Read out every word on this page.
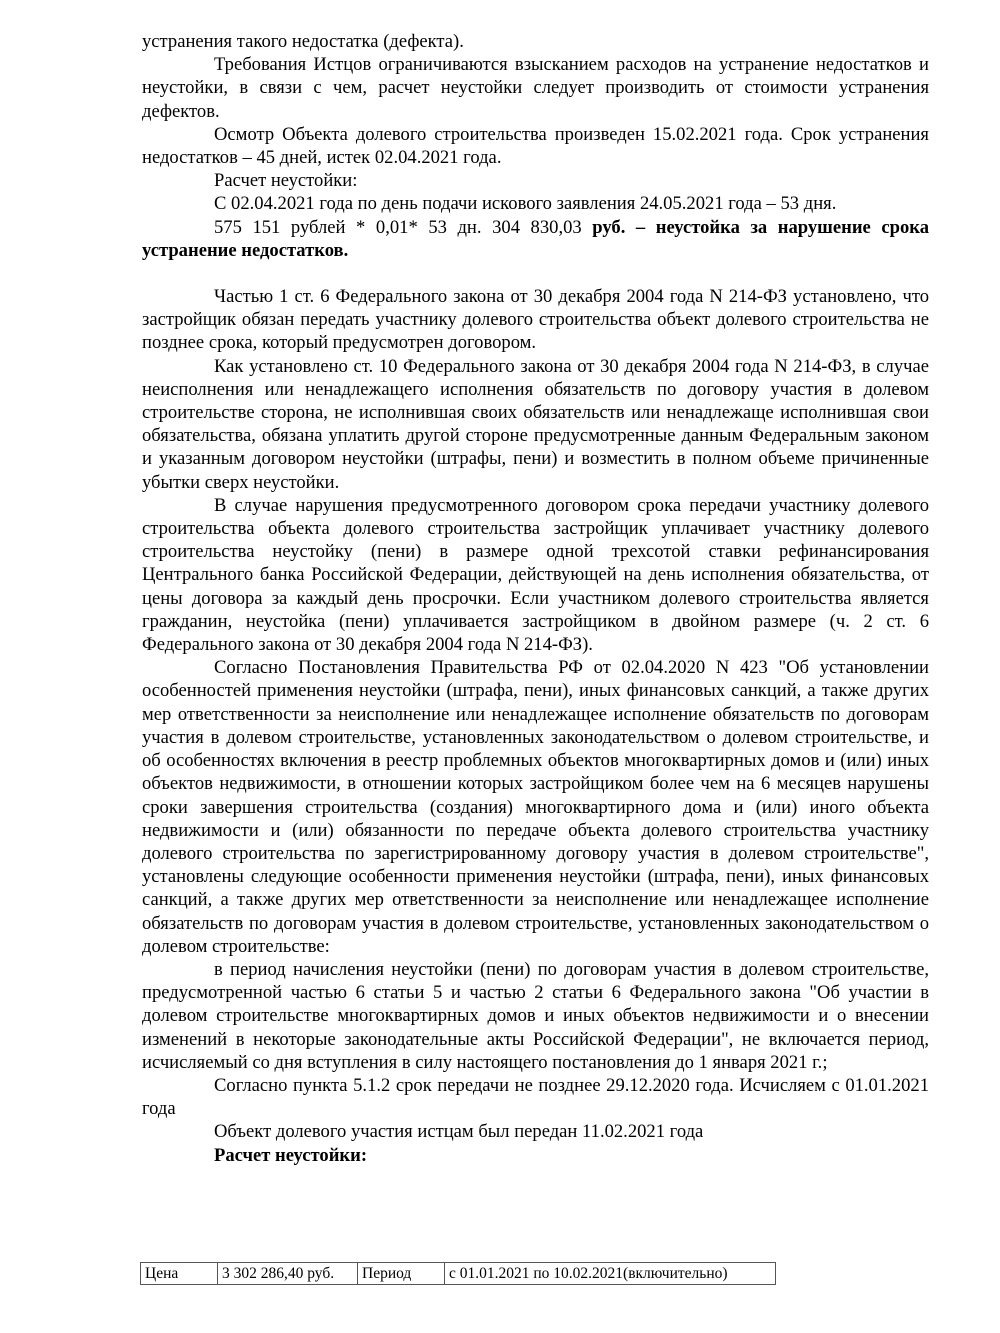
устранения такого недостатка (дефекта).

Требования Истцов ограничиваются взысканием расходов на устранение недостатков и неустойки, в связи с чем, расчет неустойки следует производить от стоимости устранения дефектов.

Осмотр Объекта долевого строительства произведен 15.02.2021 года. Срок устранения недостатков – 45 дней, истек 02.04.2021 года.

Расчет неустойки:

С 02.04.2021 года по день подачи искового заявления 24.05.2021 года – 53 дня.

575 151 рублей * 0,01* 53 дн. 304 830,03 руб. – неустойка за нарушение срока устранение недостатков.

Частью 1 ст. 6 Федерального закона от 30 декабря 2004 года N 214-ФЗ установлено, что застройщик обязан передать участнику долевого строительства объект долевого строительства не позднее срока, который предусмотрен договором.

Как установлено ст. 10 Федерального закона от 30 декабря 2004 года N 214-ФЗ, в случае неисполнения или ненадлежащего исполнения обязательств по договору участия в долевом строительстве сторона, не исполнившая своих обязательств или ненадлежаще исполнившая свои обязательства, обязана уплатить другой стороне предусмотренные данным Федеральным законом и указанным договором неустойки (штрафы, пени) и возместить в полном объеме причиненные убытки сверх неустойки.

В случае нарушения предусмотренного договором срока передачи участнику долевого строительства объекта долевого строительства застройщик уплачивает участнику долевого строительства неустойку (пени) в размере одной трехсотой ставки рефинансирования Центрального банка Российской Федерации, действующей на день исполнения обязательства, от цены договора за каждый день просрочки. Если участником долевого строительства является гражданин, неустойка (пени) уплачивается застройщиком в двойном размере (ч. 2 ст. 6 Федерального закона от 30 декабря 2004 года N 214-ФЗ).

Согласно Постановления Правительства РФ от 02.04.2020 N 423 "Об установлении особенностей применения неустойки (штрафа, пени), иных финансовых санкций, а также других мер ответственности за неисполнение или ненадлежащее исполнение обязательств по договорам участия в долевом строительстве, установленных законодательством о долевом строительстве, и об особенностях включения в реестр проблемных объектов многоквартирных домов и (или) иных объектов недвижимости, в отношении которых застройщиком более чем на 6 месяцев нарушены сроки завершения строительства (создания) многоквартирного дома и (или) иного объекта недвижимости и (или) обязанности по передаче объекта долевого строительства участнику долевого строительства по зарегистрированному договору участия в долевом строительстве", установлены следующие особенности применения неустойки (штрафа, пени), иных финансовых санкций, а также других мер ответственности за неисполнение или ненадлежащее исполнение обязательств по договорам участия в долевом строительстве, установленных законодательством о долевом строительстве:

в период начисления неустойки (пени) по договорам участия в долевом строительстве, предусмотренной частью 6 статьи 5 и частью 2 статьи 6 Федерального закона "Об участии в долевом строительстве многоквартирных домов и иных объектов недвижимости и о внесении изменений в некоторые законодательные акты Российской Федерации", не включается период, исчисляемый со дня вступления в силу настоящего постановления до 1 января 2021 г.;

Согласно пункта 5.1.2 срок передачи не позднее 29.12.2020 года. Исчисляем с 01.01.2021 года

Объект долевого участия истцам был передан 11.02.2021 года

Расчет неустойки:

Цена	3 302 286,40 руб.	Период	с 01.01.2021 по 10.02.2021(включительно)
